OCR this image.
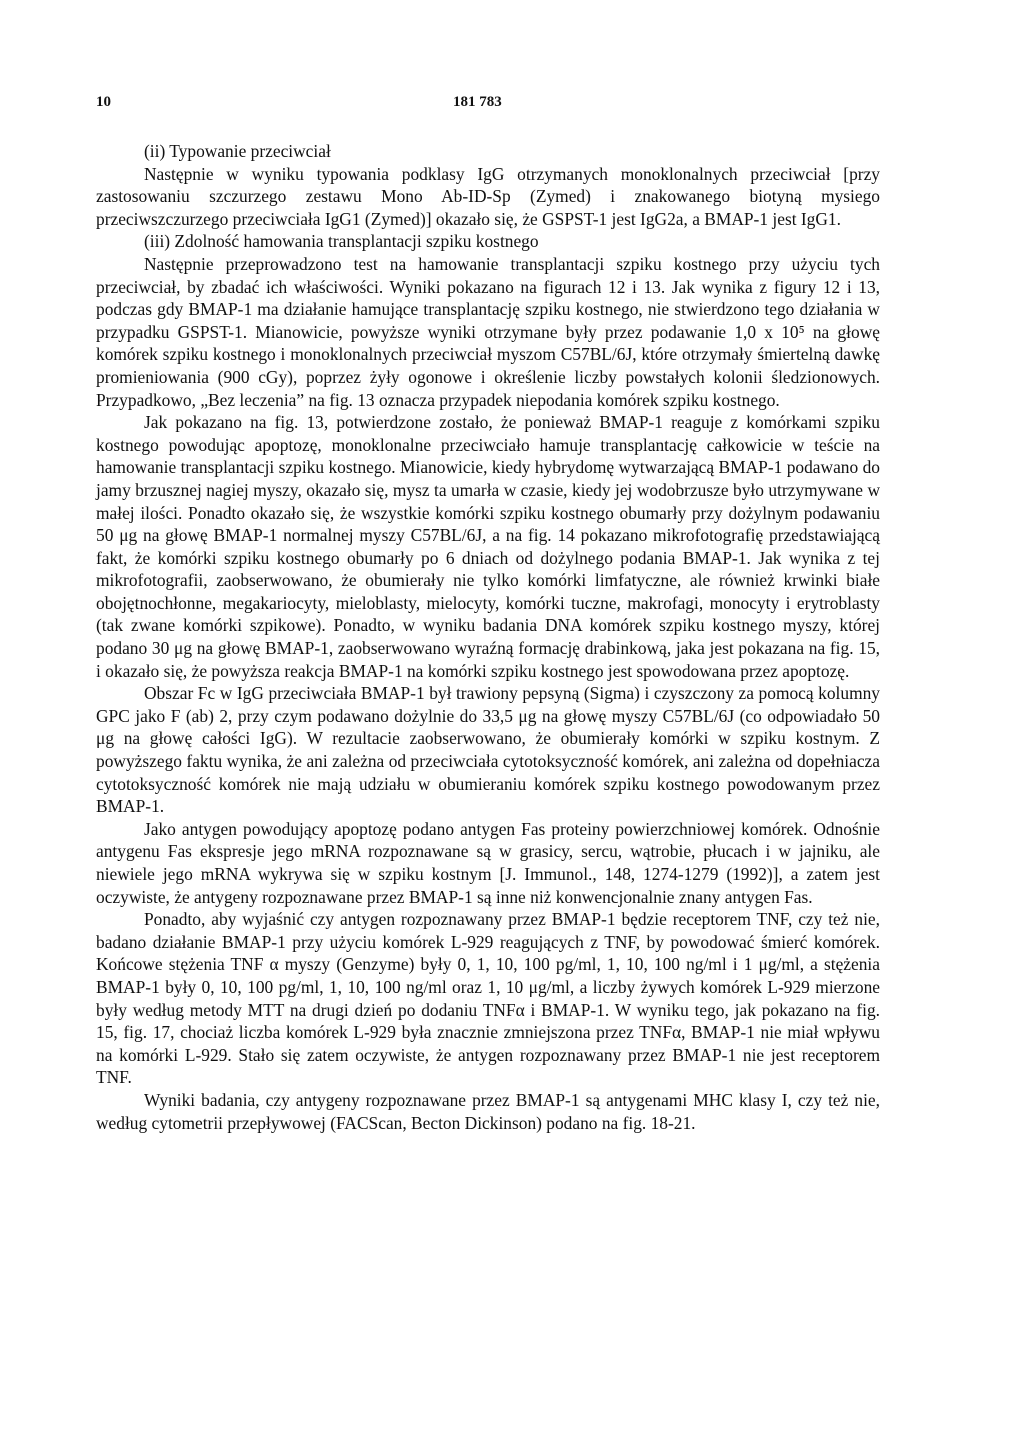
10	181 783

(ii) Typowanie przeciwciał

Następnie w wyniku typowania podklasy IgG otrzymanych monoklonalnych przeciwciał [przy zastosowaniu szczurzego zestawu Mono Ab-ID-Sp (Zymed) i znakowanego biotyną mysiego przeciwszczurzego przeciwciała IgG1 (Zymed)] okazało się, że GSPST-1 jest IgG2a, a BMAP-1 jest IgG1.

(iii) Zdolność hamowania transplantacji szpiku kostnego

Następnie przeprowadzono test na hamowanie transplantacji szpiku kostnego przy użyciu tych przeciwciał, by zbadać ich właściwości. Wyniki pokazano na figurach 12 i 13. Jak wynika z figury 12 i 13, podczas gdy BMAP-1 ma działanie hamujące transplantację szpiku kostnego, nie stwierdzono tego działania w przypadku GSPST-1. Mianowicie, powyższe wyniki otrzymane były przez podawanie 1,0 x 10⁵ na głowę komórek szpiku kostnego i monoklonalnych przeciwciał myszom C57BL/6J, które otrzymały śmiertelną dawkę promieniowania (900 cGy), poprzez żyły ogonowe i określenie liczby powstałych kolonii śledzionowych. Przypadkowo, „Bez leczenia” na fig. 13 oznacza przypadek niepodania komórek szpiku kostnego.

Jak pokazano na fig. 13, potwierdzone zostało, że ponieważ BMAP-1 reaguje z komórkami szpiku kostnego powodując apoptozę, monoklonalne przeciwciało hamuje transplantację całkowicie w teście na hamowanie transplantacji szpiku kostnego. Mianowicie, kiedy hybrydomę wytwarzającą BMAP-1 podawano do jamy brzusznej nagiej myszy, okazało się, mysz ta umarła w czasie, kiedy jej wodobrzusze było utrzymywane w małej ilości. Ponadto okazało się, że wszystkie komórki szpiku kostnego obumarły przy dożylnym podawaniu 50 μg na głowę BMAP-1 normalnej myszy C57BL/6J, a na fig. 14 pokazano mikrofotografię przedstawiającą fakt, że komórki szpiku kostnego obumarły po 6 dniach od dożylnego podania BMAP-1. Jak wynika z tej mikrofotografii, zaobserwowano, że obumierały nie tylko komórki limfatyczne, ale również krwinki białe obojętnochłonne, megakariocyty, mieloblasty, mielocyty, komórki tuczne, makrofagi, monocyty i erytroblasty (tak zwane komórki szpikowe). Ponadto, w wyniku badania DNA komórek szpiku kostnego myszy, której podano 30 μg na głowę BMAP-1, zaobserwowano wyraźną formację drabinkową, jaka jest pokazana na fig. 15, i okazało się, że powyższa reakcja BMAP-1 na komórki szpiku kostnego jest spowodowana przez apoptozę.

Obszar Fc w IgG przeciwciała BMAP-1 był trawiony pepsyną (Sigma) i czyszczony za pomocą kolumny GPC jako F (ab) 2, przy czym podawano dożylnie do 33,5 μg na głowę myszy C57BL/6J (co odpowiadało 50 μg na głowę całości IgG). W rezultacie zaobserwowano, że obumierały komórki w szpiku kostnym. Z powyższego faktu wynika, że ani zależna od przeciwciała cytotoksyczność komórek, ani zależna od dopełniacza cytotoksyczność komórek nie mają udziału w obumieraniu komórek szpiku kostnego powodowanym przez BMAP-1.

Jako antygen powodujący apoptozę podano antygen Fas proteiny powierzchniowej komórek. Odnośnie antygenu Fas ekspresje jego mRNA rozpoznawane są w grasicy, sercu, wątrobie, płucach i w jajniku, ale niewiele jego mRNA wykrywa się w szpiku kostnym [J. Immunol., 148, 1274-1279 (1992)], a zatem jest oczywiste, że antygeny rozpoznawane przez BMAP-1 są inne niż konwencjonalnie znany antygen Fas.

Ponadto, aby wyjaśnić czy antygen rozpoznawany przez BMAP-1 będzie receptorem TNF, czy też nie, badano działanie BMAP-1 przy użyciu komórek L-929 reagujących z TNF, by powodować śmierć komórek. Końcowe stężenia TNF α myszy (Genzyme) były 0, 1, 10, 100 pg/ml, 1, 10, 100 ng/ml i 1 μg/ml, a stężenia BMAP-1 były 0, 10, 100 pg/ml, 1, 10, 100 ng/ml oraz 1, 10 μg/ml, a liczby żywych komórek L-929 mierzone były według metody MTT na drugi dzień po dodaniu TNFα i BMAP-1. W wyniku tego, jak pokazano na fig. 15, fig. 17, chociaż liczba komórek L-929 była znacznie zmniejszona przez TNFα, BMAP-1 nie miał wpływu na komórki L-929. Stało się zatem oczywiste, że antygen rozpoznawany przez BMAP-1 nie jest receptorem TNF.

Wyniki badania, czy antygeny rozpoznawane przez BMAP-1 są antygenami MHC klasy I, czy też nie, według cytometrii przepływowej (FACScan, Becton Dickinson) podano na fig. 18-21.
